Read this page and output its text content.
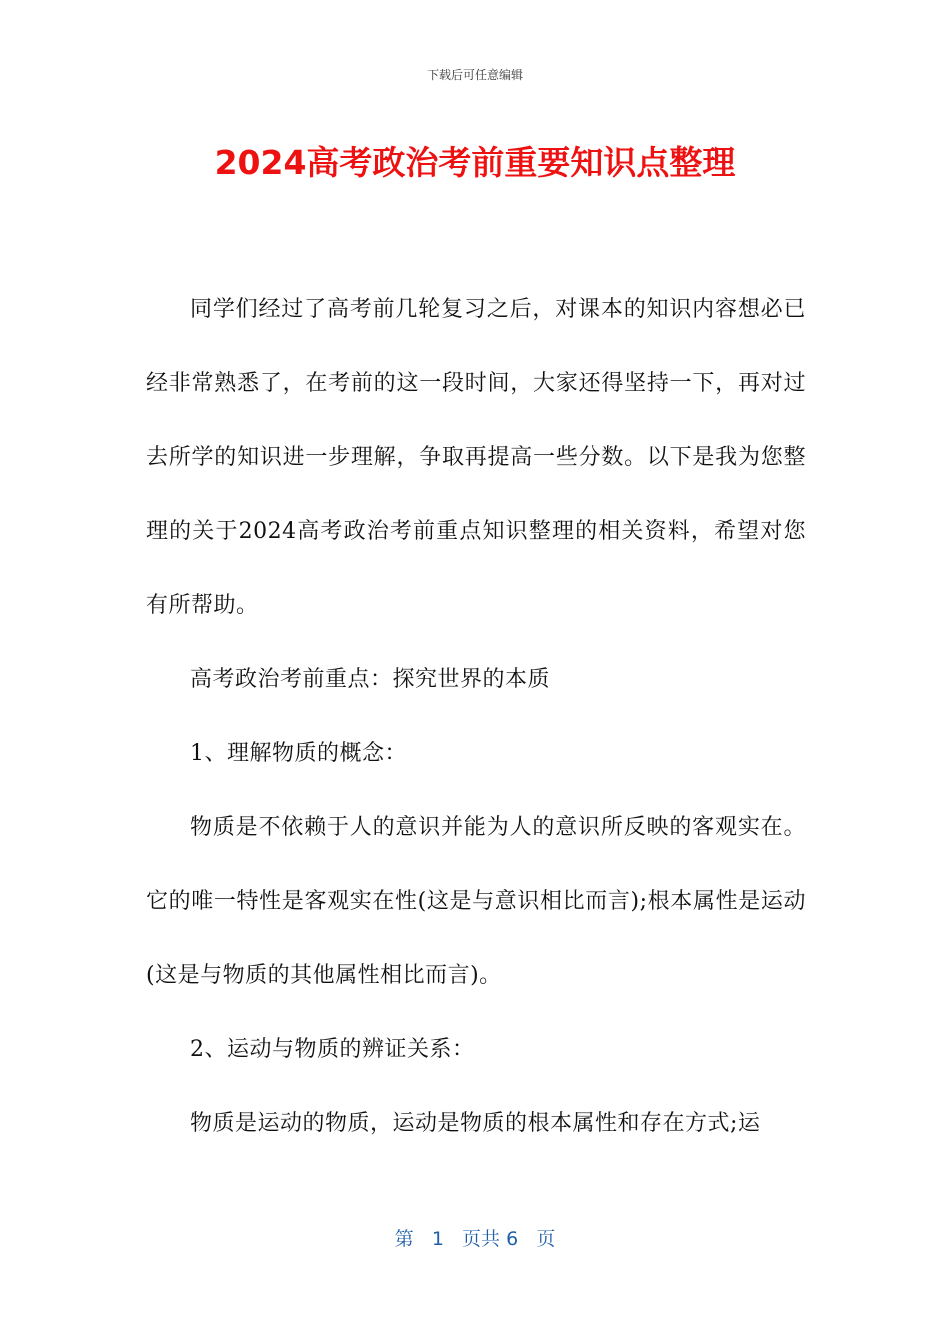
下载后可任意编辑
2024高考政治考前重要知识点整理

同学们经过了高考前几轮复习之后，对课本的知识内容想必已经非常熟悉了，在考前的这一段时间，大家还得坚持一下，再对过去所学的知识进一步理解，争取再提高一些分数。以下是我为您整理的关于2024高考政治考前重点知识整理的相关资料，希望对您有所帮助。

高考政治考前重点：探究世界的本质

1、理解物质的概念：

物质是不依赖于人的意识并能为人的意识所反映的客观实在。它的唯一特性是客观实在性(这是与意识相比而言);根本属性是运动(这是与物质的其他属性相比而言)。

2、运动与物质的辨证关系：

物质是运动的物质，运动是物质的根本属性和存在方式;运

第 1 页共 6 页
